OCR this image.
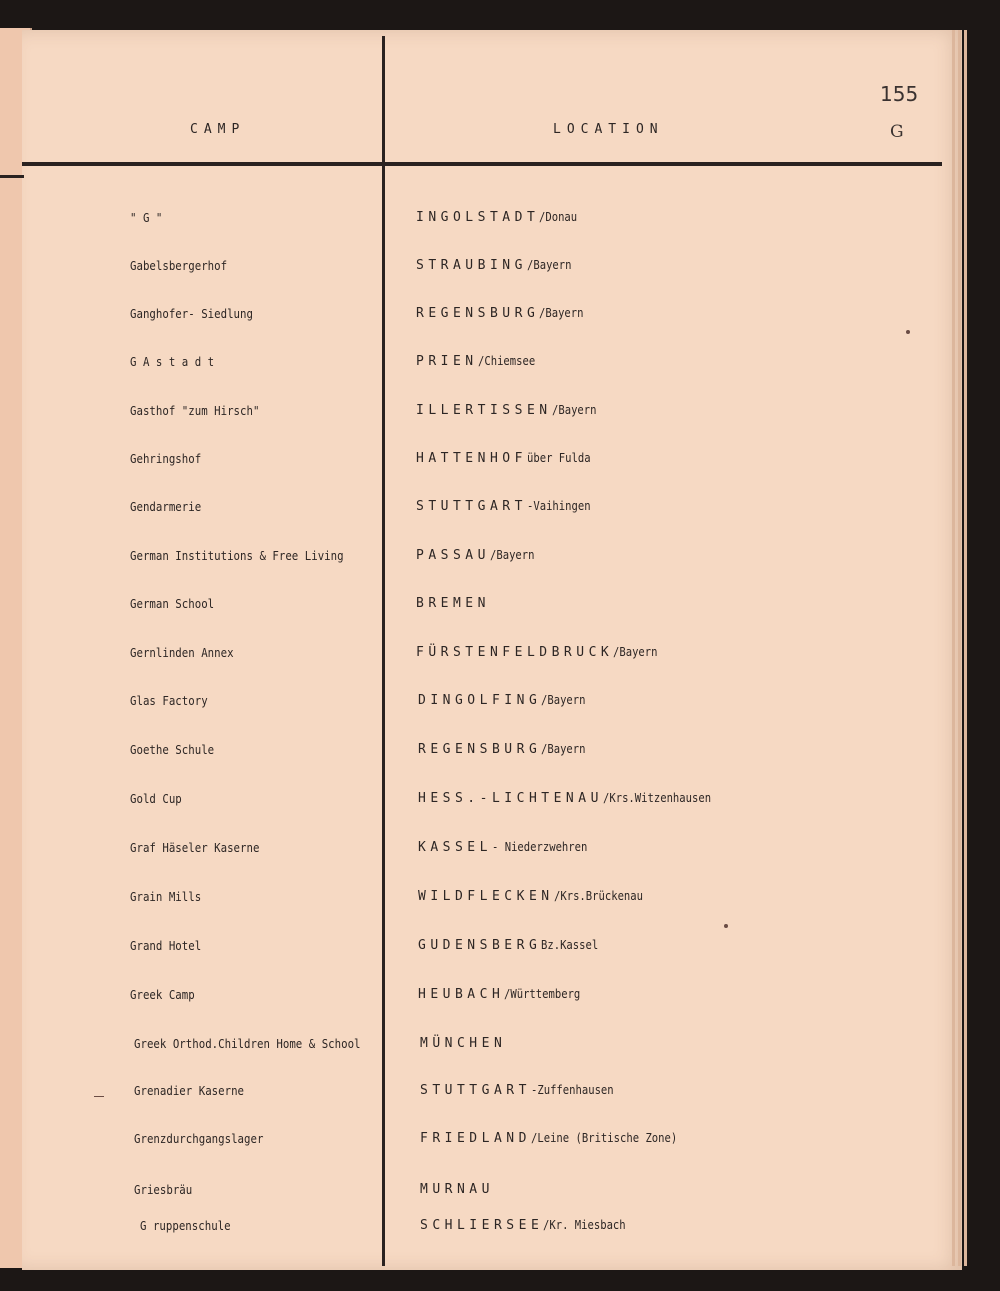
CAMP	LOCATION
155
G
" G "	INGOLSTADT/Donau
Gabelsbergerhof	STRAUBING/Bayern
Ganghofer- Siedlung	REGENSBURG/Bayern
G A s t a d t	PRIEN/Chiemsee
Gasthof "zum Hirsch"	ILLERTISSEN/Bayern
Gehringshof	HATTENHOFüber Fulda
Gendarmerie	STUTTGART-Vaihingen
German Institutions & Free Living	PASSAU/Bayern
German School	BREMEN
Gernlinden Annex	FÜRSTENFELDBRUCK/Bayern
Glas Factory	DINGOLFING/Bayern
Goethe Schule	REGENSBURG/Bayern
Gold Cup	HESS.-LICHTENAU/Krs.Witzenhausen
Graf Häseler Kaserne	KASSEL- Niederzwehren
Grain Mills	WILDFLECKEN/Krs.Brückenau
Grand Hotel	GUDENSBERGBz.Kassel
Greek Camp	HEUBACH/Württemberg
Greek Orthod.Children Home & School	MÜNCHEN
Grenadier Kaserne	STUTTGART-Zuffenhausen
Grenzdurchgangslager	FRIEDLAND/Leine (Britische Zone)
Griesbräu	MURNAU
G ruppenschule	SCHLIERSEE/Kr. Miesbach
